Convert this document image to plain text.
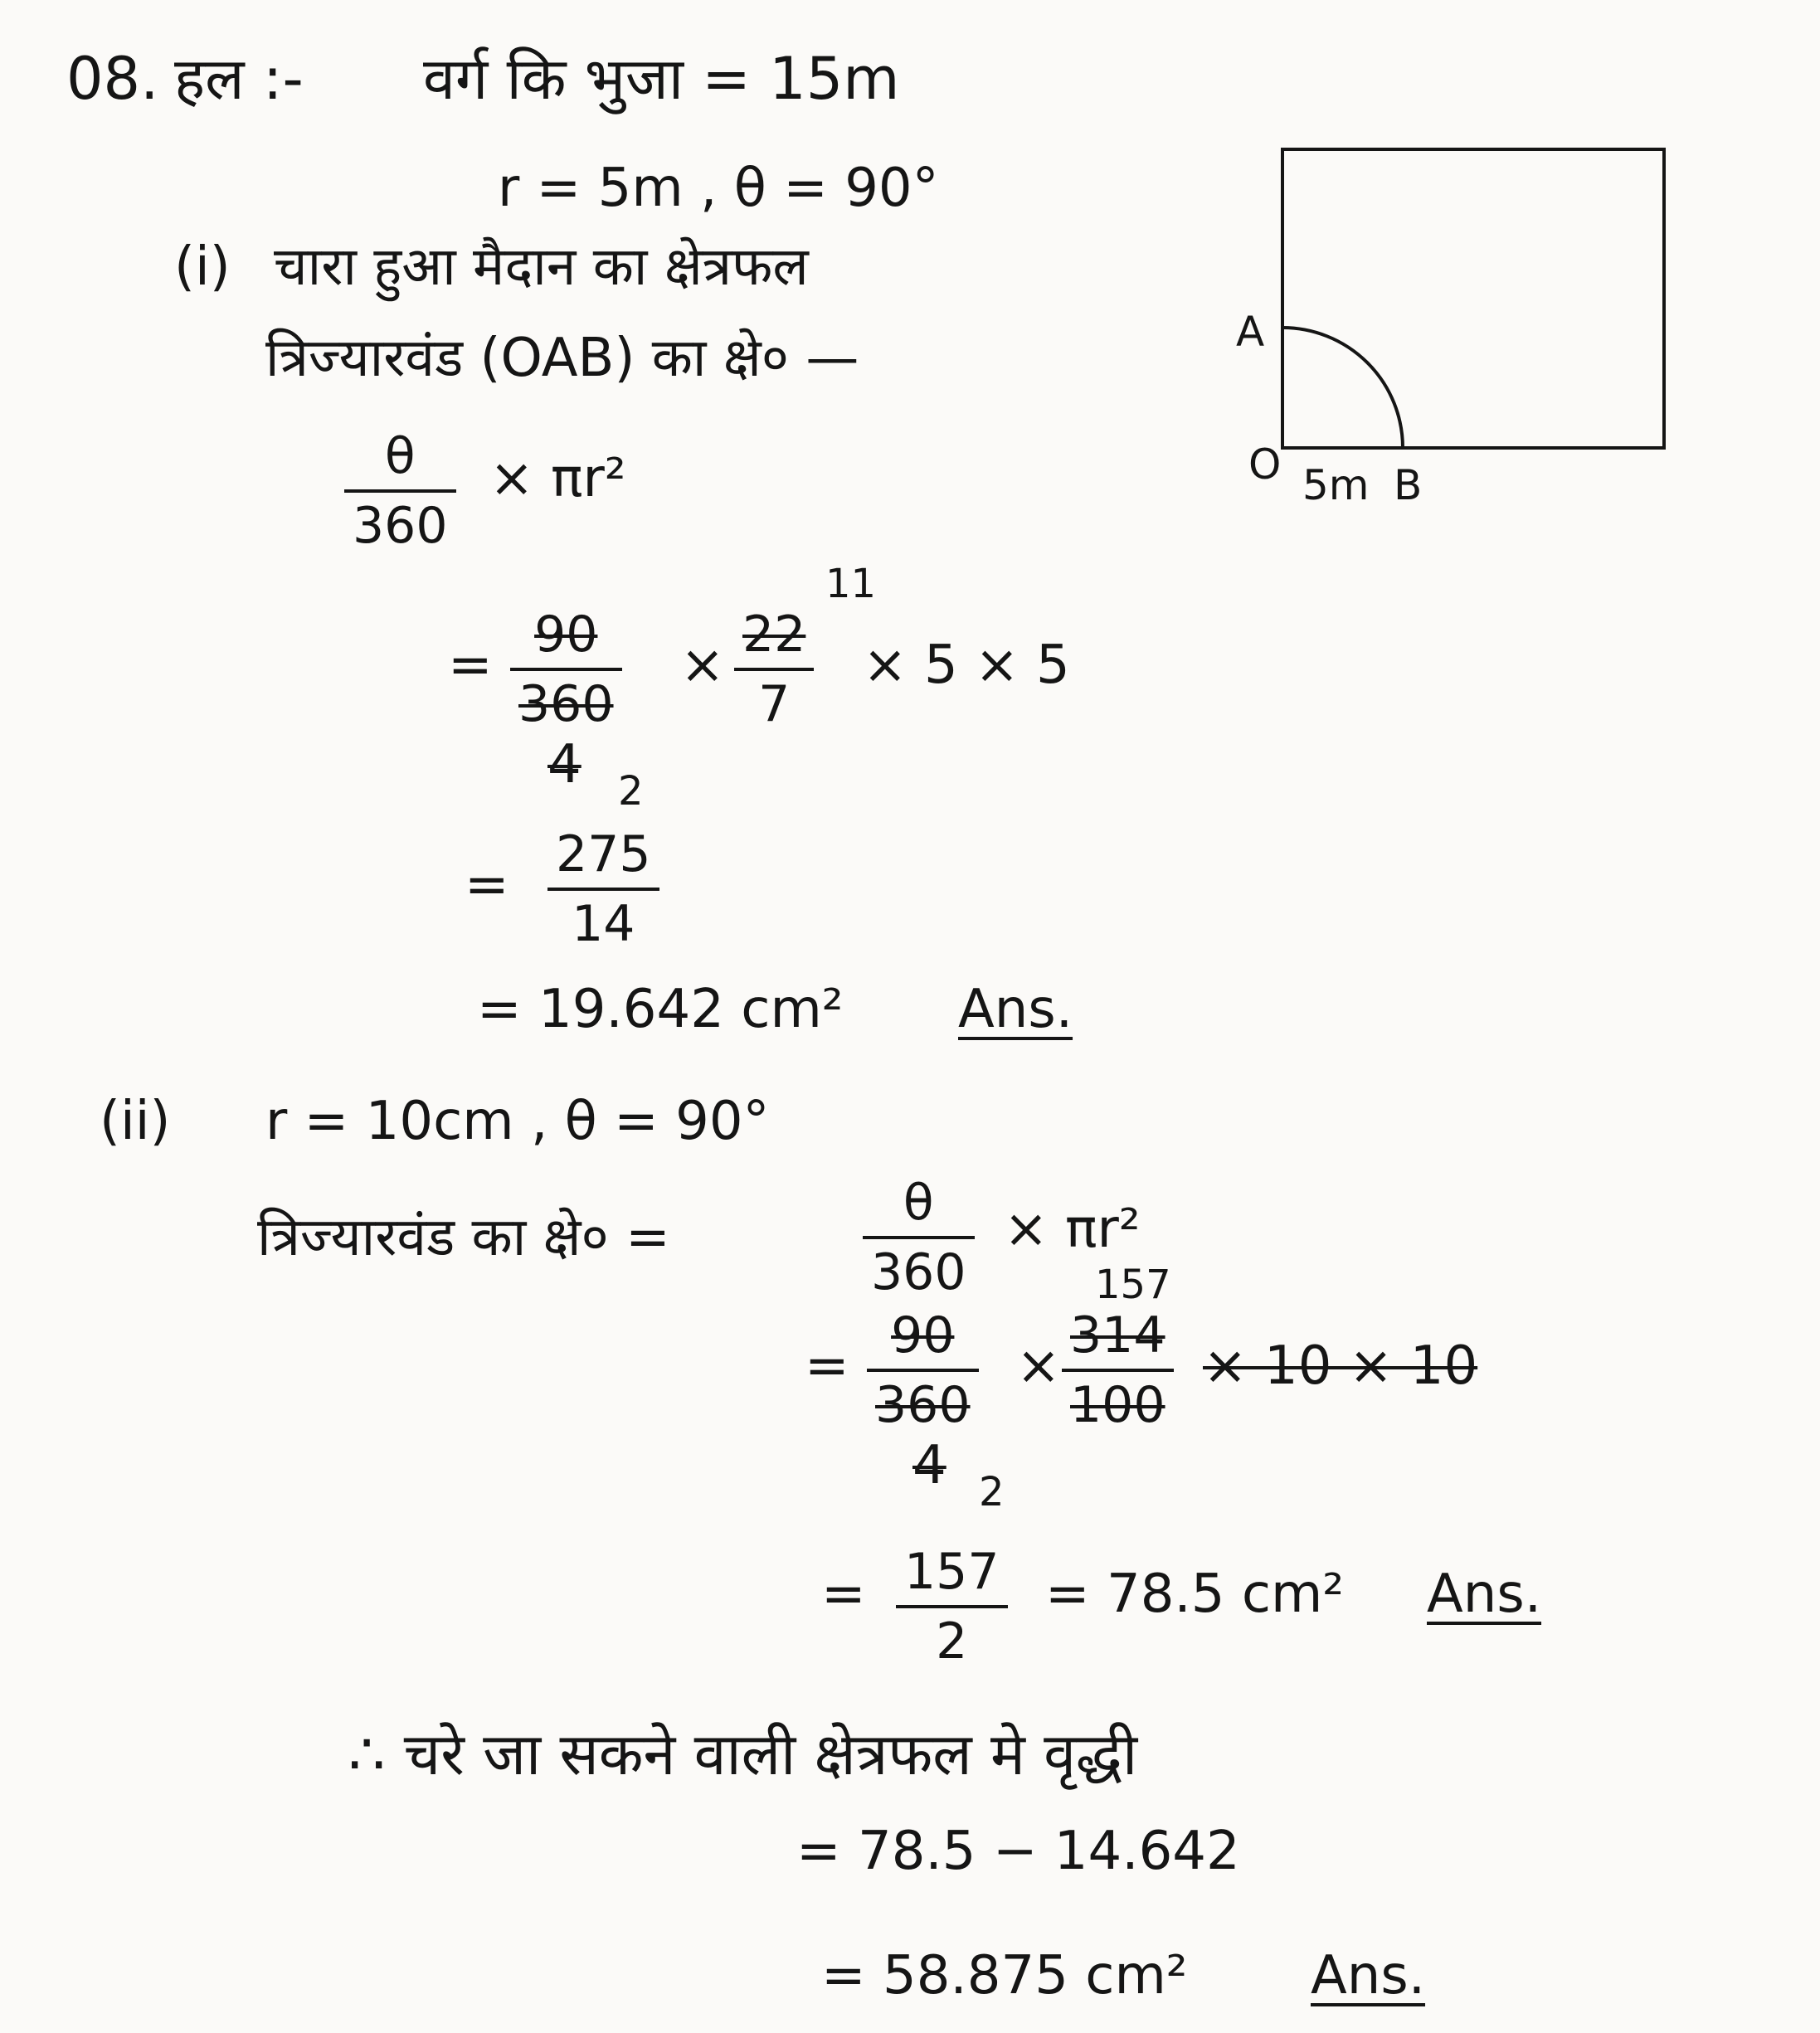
08. हल :- वर्ग कि भुजा = 15m
r = 5m , θ = 90°
(i) चारा हुआ मैदान का क्षेत्रफल
त्रिज्यारवंड (OAB) का क्षे० —
$\frac{\theta}{360} \times \pi r^2$
11
= $\frac{90}{360} \times \frac{22}{7} \times 5 \times 5$
4 2
= $\frac{275}{14}$
= 19.642 cm² Ans.
(ii) r = 10cm , θ = 90°
त्रिज्यारवंड का क्षे० =	$\frac{\theta}{360} \times \pi r^2$
157
= $\frac{90}{360} \times \frac{314}{100} \times 10 \times 10$
4 2
= $\frac{157}{2} = 78.5$ cm² Ans.
∴ चरे जा सकने वाली क्षेत्रफल मे वृद्धी
= 78.5 − 14.642
= 58.875 cm² Ans.
A
O 5m B
